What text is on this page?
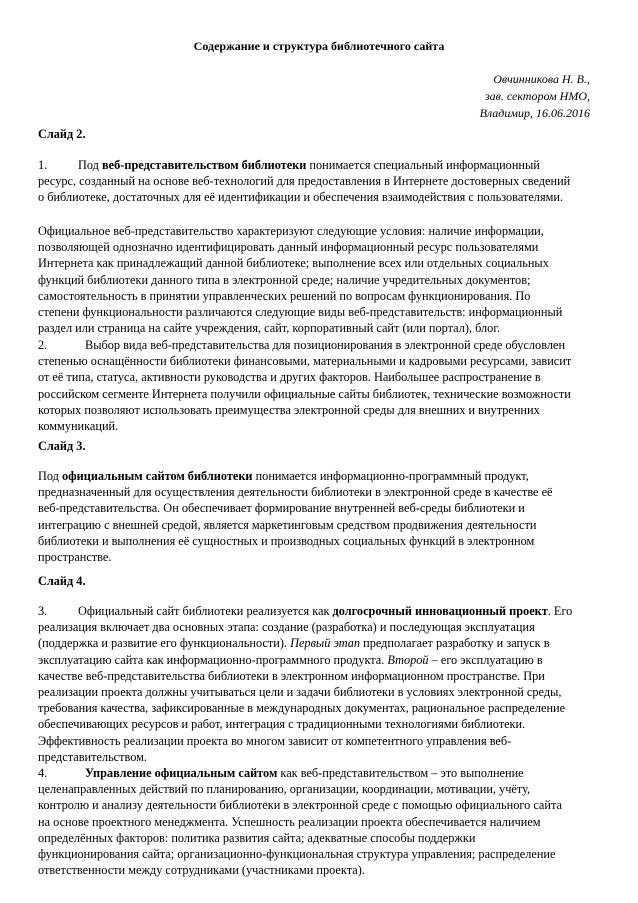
Содержание и структура библиотечного сайта
Овчинникова Н. В.,
зав. сектором НМО,
Владимир, 16.06.2016
Слайд 2.

1.	Под веб-представительством библиотеки понимается специальный информационный

ресурс, созданный на основе веб-технологий для предоставления в Интернете достоверных сведений

о библиотеке, достаточных для её идентификации и обеспечения взаимодействия с пользователями.

Официальное веб-представительство характеризуют следующие условия: наличие информации,

позволяющей однозначно идентифицировать данный информационный ресурс пользователями

Интернета как принадлежащий данной библиотеке; выполнение всех или отдельных социальных

функций библиотеки данного типа в электронной среде; наличие учредительных документов;

самостоятельность в принятии управленческих решений по вопросам функционирования. По

степени функциональности различаются следующие виды веб-представительств: информационный

раздел или страница на сайте учреждения, сайт, корпоративный сайт (или портал), блог.

2.	Выбор вида веб-представительства для позиционирования в электронной среде обусловлен

степенью оснащённости библиотеки финансовыми, материальными и кадровыми ресурсами, зависит

от её типа, статуса, активности руководства и других факторов. Наибольшее распространение в

российском сегменте Интернета получили официальные сайты библиотек, технические возможности

которых позволяют использовать преимущества электронной среды для внешних и внутренних

коммуникаций.

Слайд 3.

Под официальным сайтом библиотеки понимается информационно-программный продукт,

предназначенный для осуществления деятельности библиотеки в электронной среде в качестве её

веб-представительства. Он обеспечивает формирование внутренней веб-среды библиотеки и

интеграцию с внешней средой, является маркетинговым средством продвижения деятельности

библиотеки и выполнения её сущностных и производных социальных функций в электронном

пространстве.

Слайд 4.

3.	Официальный сайт библиотеки реализуется как долгосрочный инновационный проект. Его

реализация включает два основных этапа: создание (разработка) и последующая эксплуатация

(поддержка и развитие его функциональности). Первый этап предполагает разработку и запуск в

эксплуатацию сайта как информационно-программного продукта. Второй – его эксплуатацию в

качестве веб-представительства библиотеки в электронном информационном пространстве. При

реализации проекта должны учитываться цели и задачи библиотеки в условиях электронной среды,

требования качества, зафиксированные в международных документах, рациональное распределение

обеспечивающих ресурсов и работ, интеграция с традиционными технологиями библиотеки.

Эффективность реализации проекта во многом зависит от компетентного управления веб-

представительством.

4.	Управление официальным сайтом как веб-представительством – это выполнение

целенаправленных действий по планированию, организации, координации, мотивации, учёту,

контролю и анализу деятельности библиотеки в электронной среде с помощью официального сайта

на основе проектного менеджмента. Успешность реализации проекта обеспечивается наличием

определённых факторов: политика развития сайта; адекватные способы поддержки

функционирования сайта; организационно-функциональная структура управления; распределение

ответственности между сотрудниками (участниками проекта).
